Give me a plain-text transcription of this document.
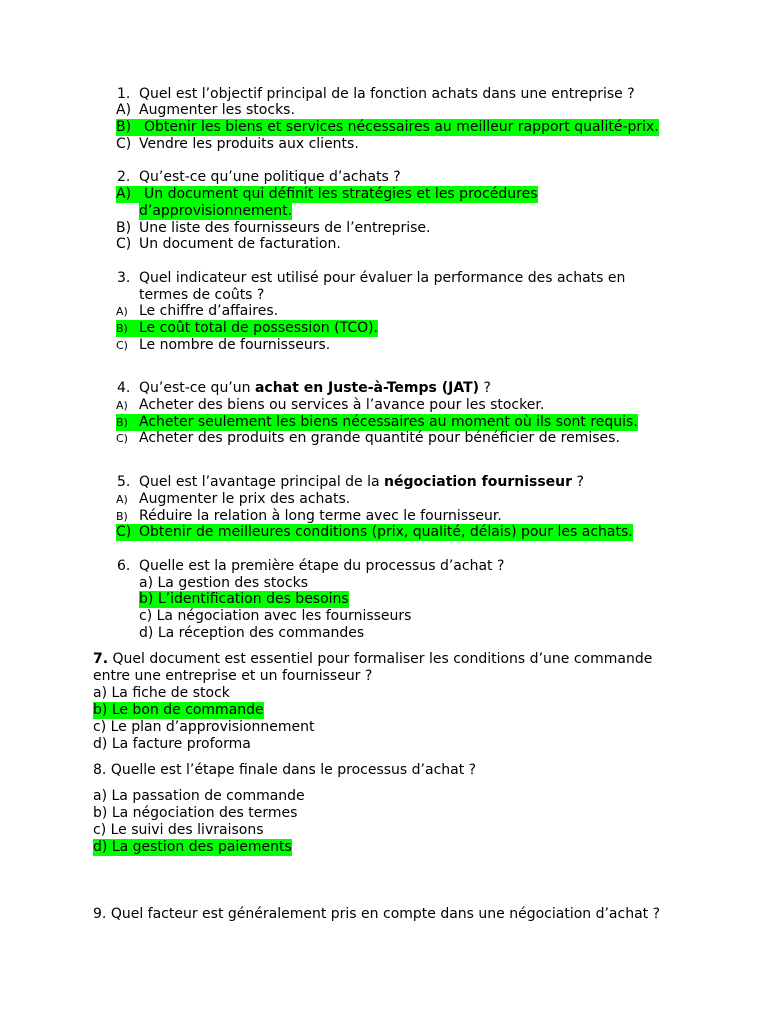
1. Quel est l’objectif principal de la fonction achats dans une entreprise ?
A) Augmenter les stocks.
B) Obtenir les biens et services nécessaires au meilleur rapport qualité-prix.
C) Vendre les produits aux clients.
2. Qu’est-ce qu’une politique d’achats ?
A) Un document qui définit les stratégies et les procédures
d’approvisionnement.
B) Une liste des fournisseurs de l’entreprise.
C) Un document de facturation.
3. Quel indicateur est utilisé pour évaluer la performance des achats en
termes de coûts ?
A) Le chiffre d’affaires.
B) Le coût total de possession (TCO).
C) Le nombre de fournisseurs.
4. Qu’est-ce qu’un achat en Juste-à-Temps (JAT) ?
A) Acheter des biens ou services à l’avance pour les stocker.
B) Acheter seulement les biens nécessaires au moment où ils sont requis.
C) Acheter des produits en grande quantité pour bénéficier de remises.
5. Quel est l’avantage principal de la négociation fournisseur ?
A) Augmenter le prix des achats.
B) Réduire la relation à long terme avec le fournisseur.
C) Obtenir de meilleures conditions (prix, qualité, délais) pour les achats.
6. Quelle est la première étape du processus d’achat ?
a) La gestion des stocks
b) L’identification des besoins
c) La négociation avec les fournisseurs
d) La réception des commandes
7. Quel document est essentiel pour formaliser les conditions d’une commande
entre une entreprise et un fournisseur ?
a) La fiche de stock
b) Le bon de commande
c) Le plan d’approvisionnement
d) La facture proforma
8. Quelle est l’étape finale dans le processus d’achat ?
a) La passation de commande
b) La négociation des termes
c) Le suivi des livraisons
d) La gestion des paiements
9. Quel facteur est généralement pris en compte dans une négociation d’achat ?
